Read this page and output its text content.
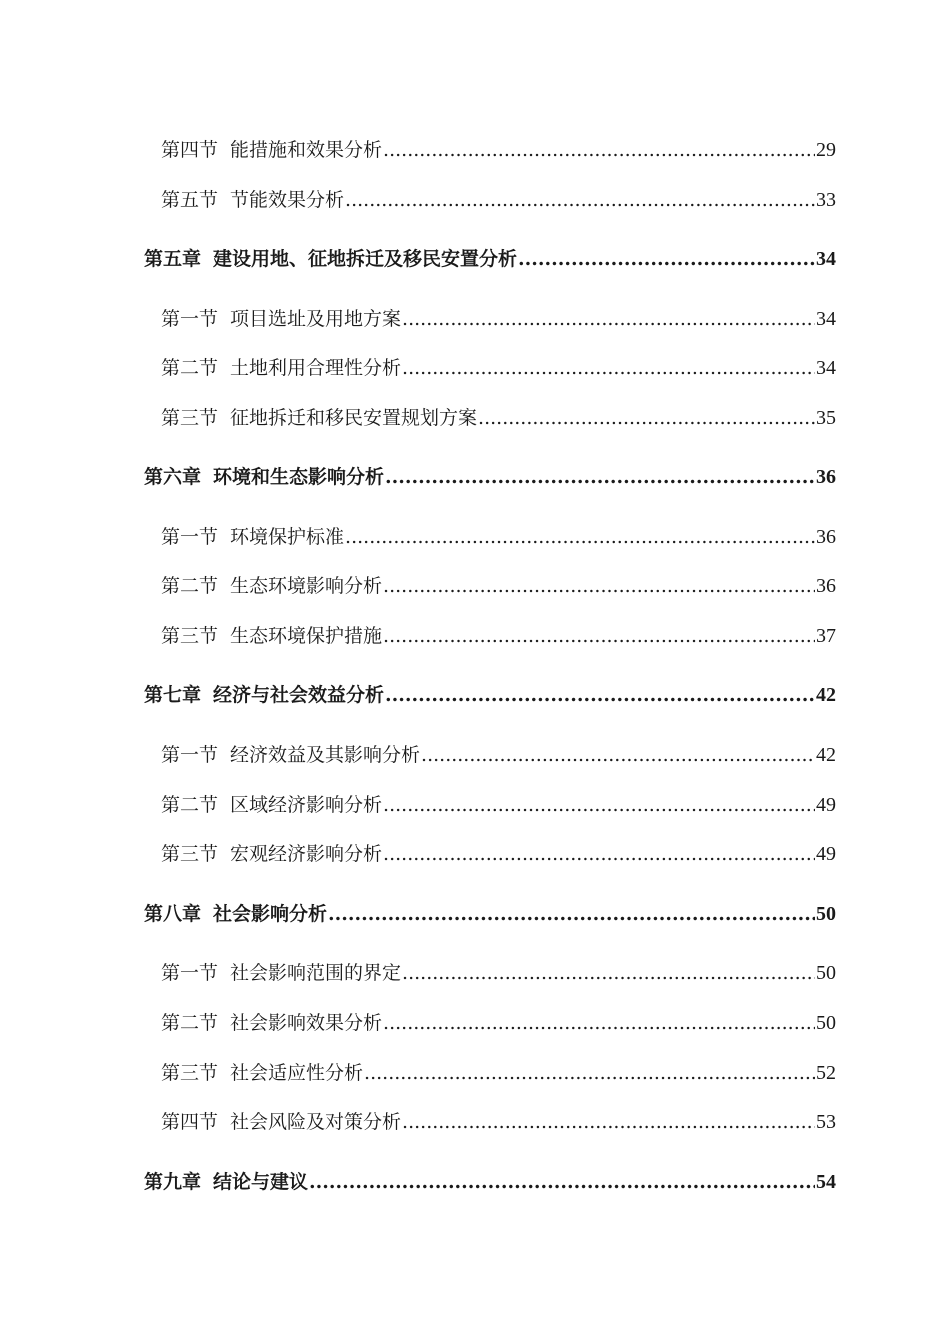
第四节 能措施和效果分析 .....	29
第五节 节能效果分析 .....	33
第五章 建设用地、征地拆迁及移民安置分析 .....	34
第一节 项目选址及用地方案 .....	34
第二节 土地利用合理性分析 .....	34
第三节 征地拆迁和移民安置规划方案 .....	35
第六章 环境和生态影响分析 .....	36
第一节 环境保护标准 .....	36
第二节 生态环境影响分析 .....	36
第三节 生态环境保护措施 .....	37
第七章 经济与社会效益分析 .....	42
第一节 经济效益及其影响分析 .....	42
第二节 区域经济影响分析 .....	49
第三节 宏观经济影响分析 .....	49
第八章 社会影响分析 .....	50
第一节 社会影响范围的界定 .....	50
第二节 社会影响效果分析 .....	50
第三节 社会适应性分析 .....	52
第四节 社会风险及对策分析 .....	53
第九章 结论与建议 .....	54
